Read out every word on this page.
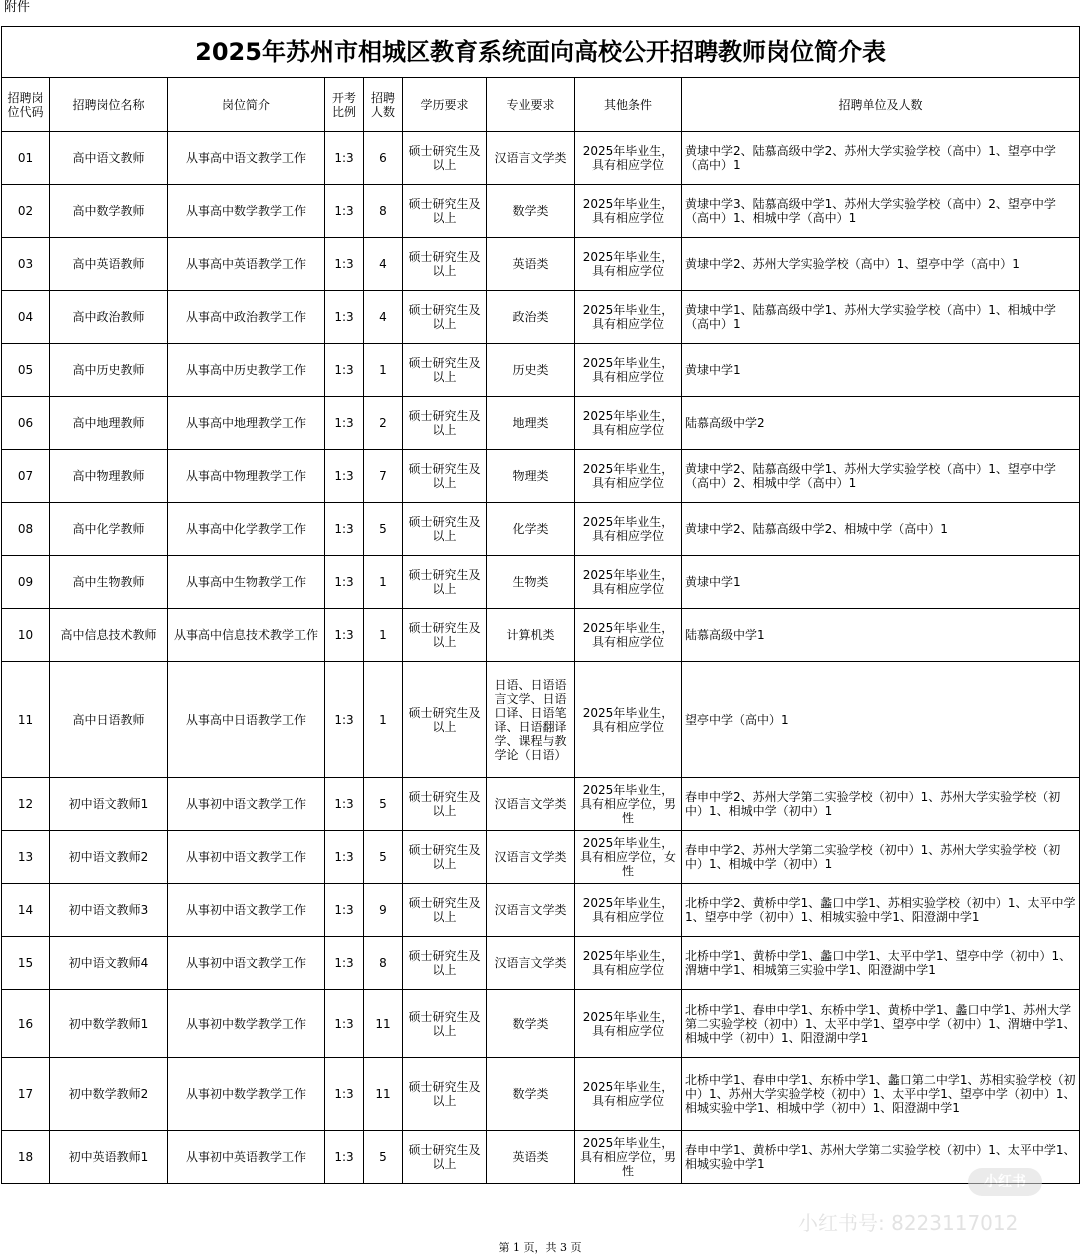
附件
2025年苏州市相城区教育系统面向高校公开招聘教师岗位简介表								
招聘岗位代码	招聘岗位名称	岗位简介	开考比例	招聘人数	学历要求	专业要求	其他条件	招聘单位及人数
01	高中语文教师	从事高中语文教学工作	1:3	6	硕士研究生及以上	汉语言文学类	2025年毕业生，具有相应学位	黄埭中学2、陆慕高级中学2、苏州大学实验学校（高中）1、望亭中学（高中）1
02	高中数学教师	从事高中数学教学工作	1:3	8	硕士研究生及以上	数学类	2025年毕业生，具有相应学位	黄埭中学3、陆慕高级中学1、苏州大学实验学校（高中）2、望亭中学（高中）1、相城中学（高中）1
03	高中英语教师	从事高中英语教学工作	1:3	4	硕士研究生及以上	英语类	2025年毕业生，具有相应学位	黄埭中学2、苏州大学实验学校（高中）1、望亭中学（高中）1
04	高中政治教师	从事高中政治教学工作	1:3	4	硕士研究生及以上	政治类	2025年毕业生，具有相应学位	黄埭中学1、陆慕高级中学1、苏州大学实验学校（高中）1、相城中学（高中）1
05	高中历史教师	从事高中历史教学工作	1:3	1	硕士研究生及以上	历史类	2025年毕业生，具有相应学位	黄埭中学1
06	高中地理教师	从事高中地理教学工作	1:3	2	硕士研究生及以上	地理类	2025年毕业生，具有相应学位	陆慕高级中学2
07	高中物理教师	从事高中物理教学工作	1:3	7	硕士研究生及以上	物理类	2025年毕业生，具有相应学位	黄埭中学2、陆慕高级中学1、苏州大学实验学校（高中）1、望亭中学（高中）2、相城中学（高中）1
08	高中化学教师	从事高中化学教学工作	1:3	5	硕士研究生及以上	化学类	2025年毕业生，具有相应学位	黄埭中学2、陆慕高级中学2、相城中学（高中）1
09	高中生物教师	从事高中生物教学工作	1:3	1	硕士研究生及以上	生物类	2025年毕业生，具有相应学位	黄埭中学1
10	高中信息技术教师	从事高中信息技术教学工作	1:3	1	硕士研究生及以上	计算机类	2025年毕业生，具有相应学位	陆慕高级中学1
11	高中日语教师	从事高中日语教学工作	1:3	1	硕士研究生及以上	日语、日语语言文学、日语口译、日语笔译、日语翻译学、课程与教学论（日语）	2025年毕业生，具有相应学位	望亭中学（高中）1
12	初中语文教师1	从事初中语文教学工作	1:3	5	硕士研究生及以上	汉语言文学类	2025年毕业生，具有相应学位，男性	春申中学2、苏州大学第二实验学校（初中）1、苏州大学实验学校（初中）1、相城中学（初中）1
13	初中语文教师2	从事初中语文教学工作	1:3	5	硕士研究生及以上	汉语言文学类	2025年毕业生，具有相应学位，女性	春申中学2、苏州大学第二实验学校（初中）1、苏州大学实验学校（初中）1、相城中学（初中）1
14	初中语文教师3	从事初中语文教学工作	1:3	9	硕士研究生及以上	汉语言文学类	2025年毕业生，具有相应学位	北桥中学2、黄桥中学1、蠡口中学1、苏相实验学校（初中）1、太平中学1、望亭中学（初中）1、相城实验中学1、阳澄湖中学1
15	初中语文教师4	从事初中语文教学工作	1:3	8	硕士研究生及以上	汉语言文学类	2025年毕业生，具有相应学位	北桥中学1、黄桥中学1、蠡口中学1、太平中学1、望亭中学（初中）1、渭塘中学1、相城第三实验中学1、阳澄湖中学1
16	初中数学教师1	从事初中数学教学工作	1:3	11	硕士研究生及以上	数学类	2025年毕业生，具有相应学位	北桥中学1、春申中学1、东桥中学1、黄桥中学1、蠡口中学1、苏州大学第二实验学校（初中）1、太平中学1、望亭中学（初中）1、渭塘中学1、相城中学（初中）1、阳澄湖中学1
17	初中数学教师2	从事初中数学教学工作	1:3	11	硕士研究生及以上	数学类	2025年毕业生，具有相应学位	北桥中学1、春申中学1、东桥中学1、蠡口第二中学1、苏相实验学校（初中）1、苏州大学实验学校（初中）1、太平中学1、望亭中学（初中）1、相城实验中学1、相城中学（初中）1、阳澄湖中学1
18	初中英语教师1	从事初中英语教学工作	1:3	5	硕士研究生及以上	英语类	2025年毕业生，具有相应学位，男性	春申中学1、黄桥中学1、苏州大学第二实验学校（初中）1、太平中学1、相城实验中学1
第 1 页，共 3 页
小红书
小红书号: 8223117012
